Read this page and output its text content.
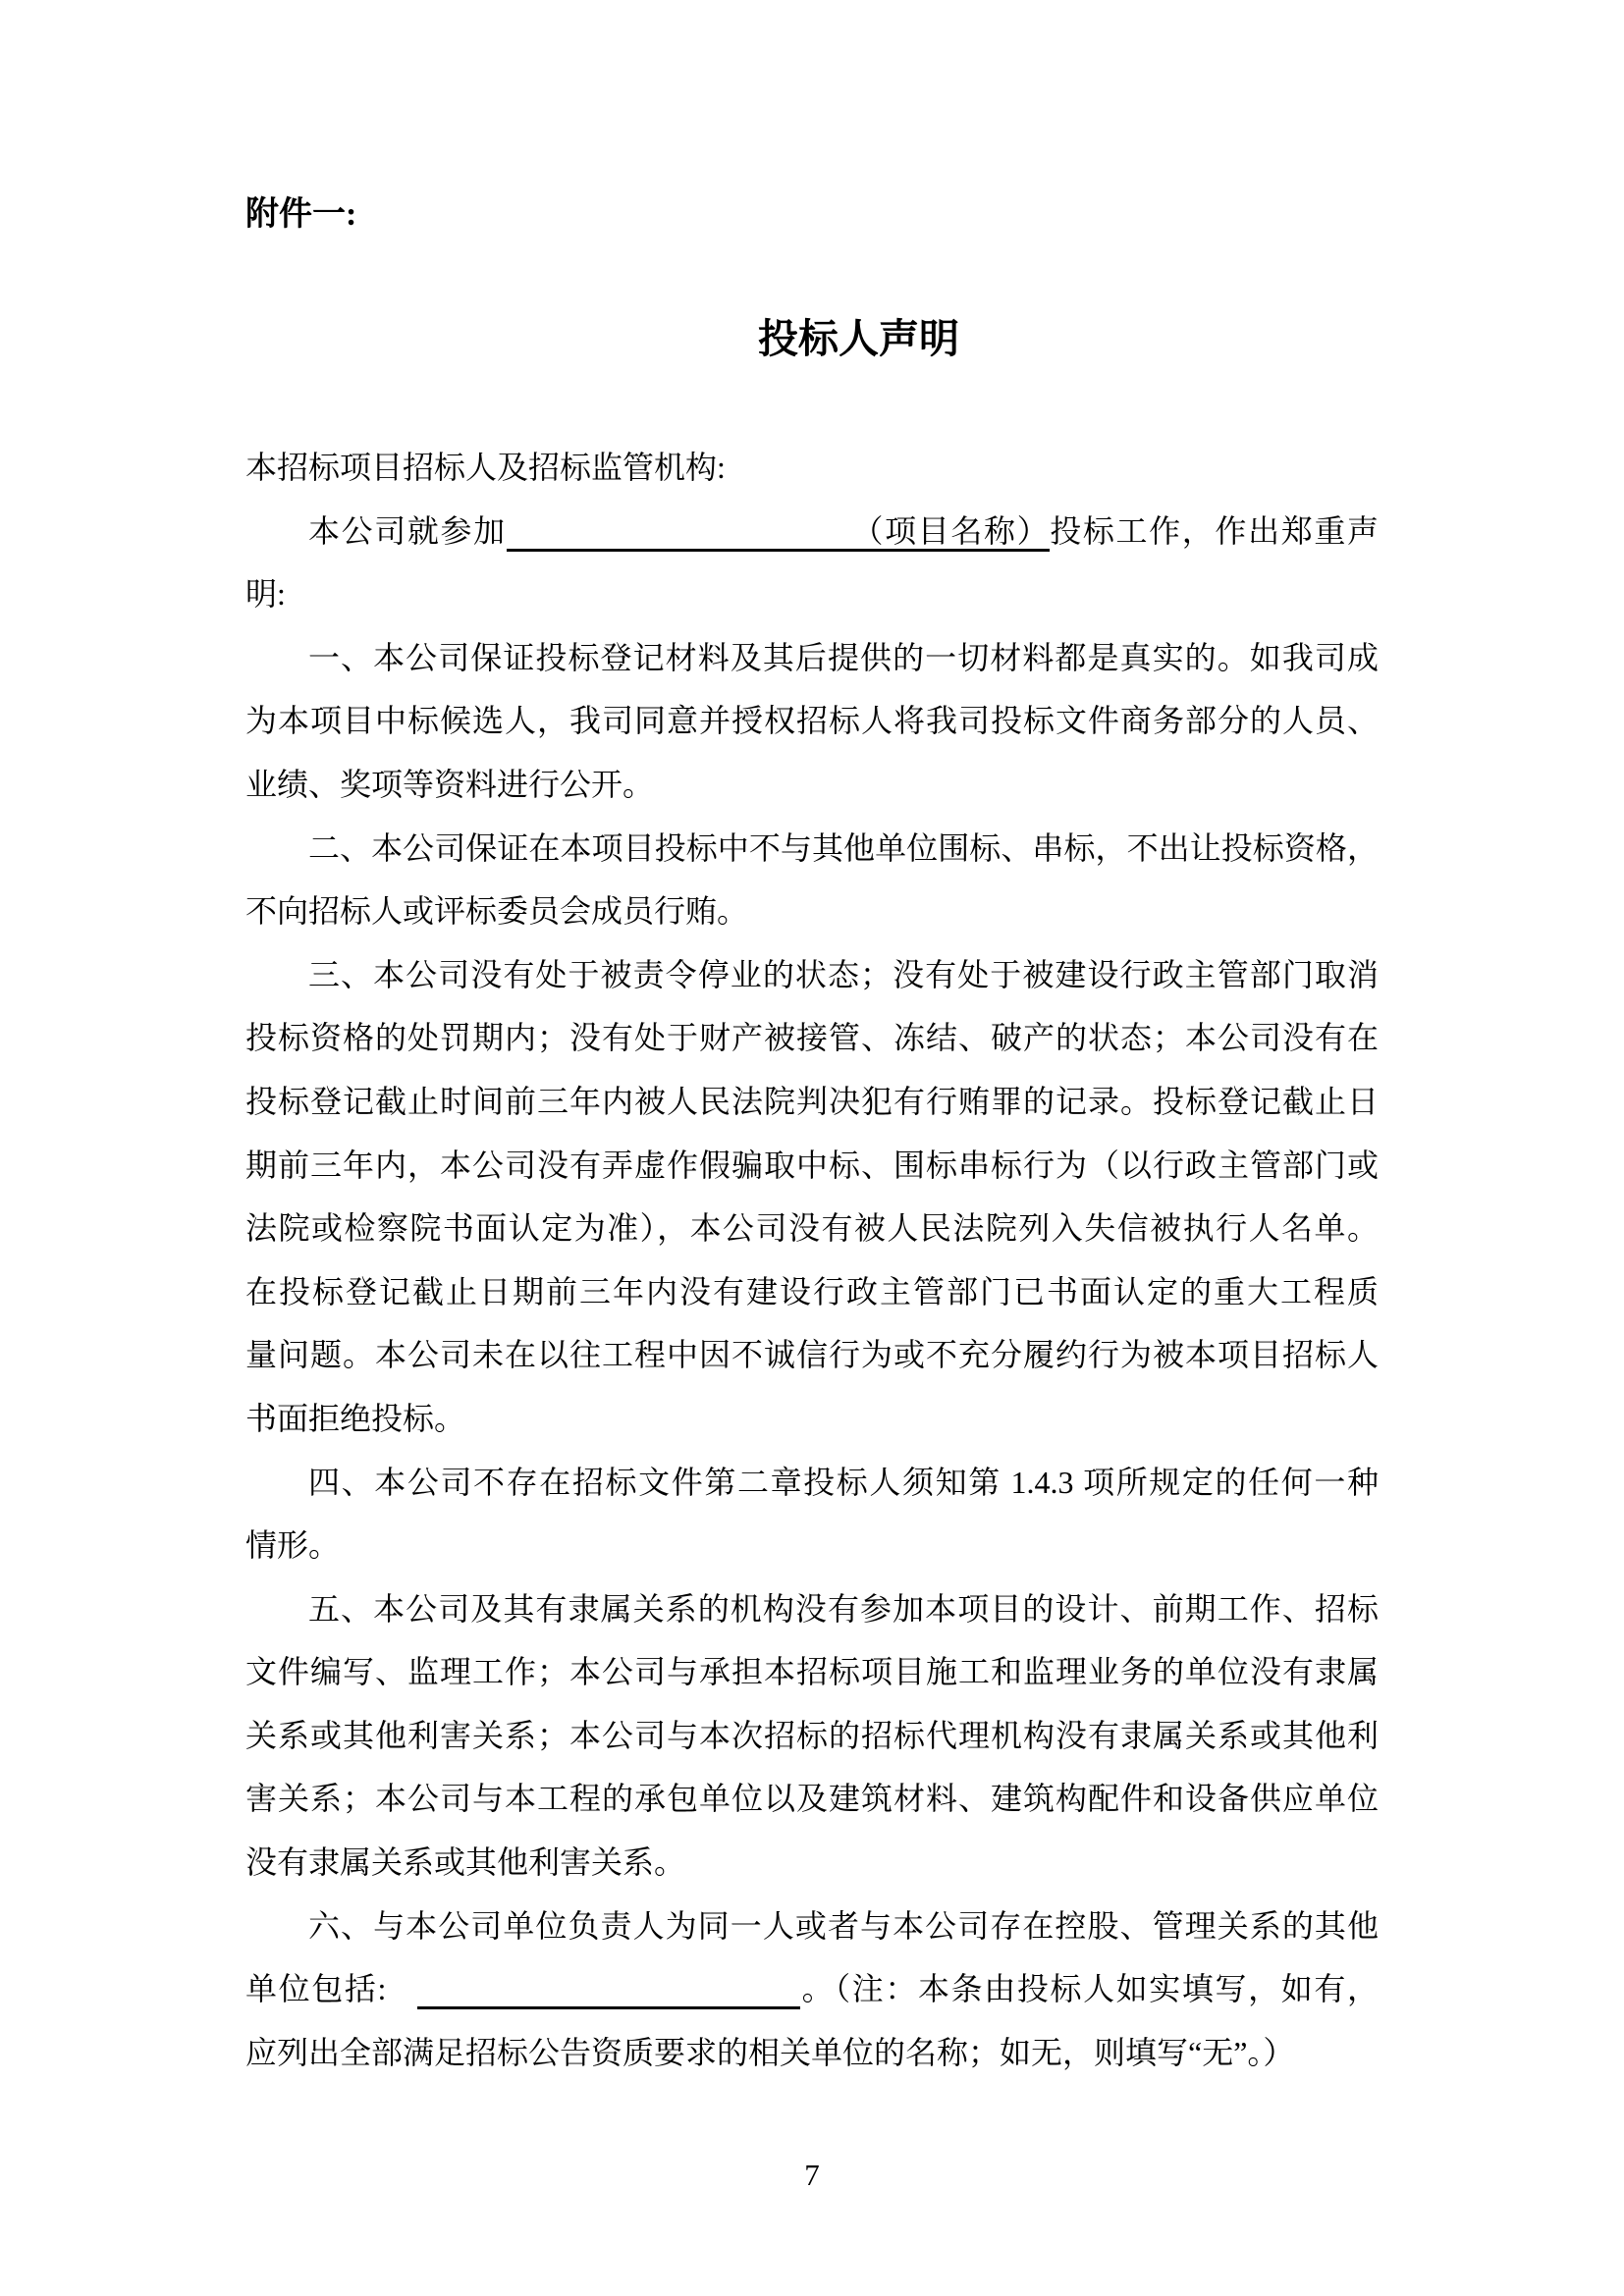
附件一:
投标人声明
本招标项目招标人及招标监管机构:
本公司就参加	（项目名称）投标工作，作出郑重声
明:
一、本公司保证投标登记材料及其后提供的一切材料都是真实的。如我司成
为本项目中标候选人，我司同意并授权招标人将我司投标文件商务部分的人员、
业绩、奖项等资料进行公开。
二、本公司保证在本项目投标中不与其他单位围标、串标，不出让投标资格，
不向招标人或评标委员会成员行贿。
三、本公司没有处于被责令停业的状态；没有处于被建设行政主管部门取消
投标资格的处罚期内；没有处于财产被接管、冻结、破产的状态；本公司没有在
投标登记截止时间前三年内被人民法院判决犯有行贿罪的记录。投标登记截止日
期前三年内，本公司没有弄虚作假骗取中标、围标串标行为（以行政主管部门或
法院或检察院书面认定为准），本公司没有被人民法院列入失信被执行人名单。
在投标登记截止日期前三年内没有建设行政主管部门已书面认定的重大工程质
量问题。本公司未在以往工程中因不诚信行为或不充分履约行为被本项目招标人
书面拒绝投标。
四、本公司不存在招标文件第二章投标人须知第 1.4.3 项所规定的任何一种
情形。
五、本公司及其有隶属关系的机构没有参加本项目的设计、前期工作、招标
文件编写、监理工作；本公司与承担本招标项目施工和监理业务的单位没有隶属
关系或其他利害关系；本公司与本次招标的招标代理机构没有隶属关系或其他利
害关系；本公司与本工程的承包单位以及建筑材料、建筑构配件和设备供应单位
没有隶属关系或其他利害关系。
六、与本公司单位负责人为同一人或者与本公司存在控股、管理关系的其他
单位包括:	。（注：本条由投标人如实填写，如有，
应列出全部满足招标公告资质要求的相关单位的名称；如无，则填写“无”。）
7
